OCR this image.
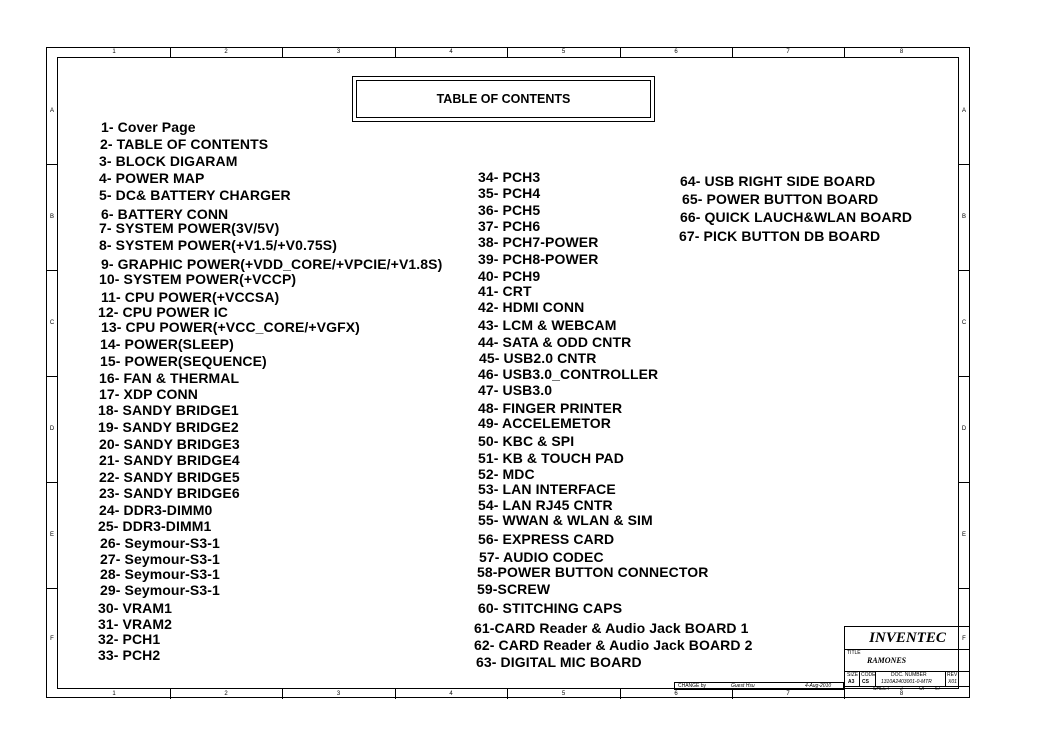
1
1
2
2
3
3
4
4
5
5
6
6
7
7
8
8
A	A
B	B
C	C
D	D
E	E
F	F
TABLE OF CONTENTS
1- Cover Page
2- TABLE OF CONTENTS
3- BLOCK DIGARAM
4- POWER MAP
5- DC& BATTERY CHARGER
6- BATTERY CONN
7- SYSTEM POWER(3V/5V)
8- SYSTEM POWER(+V1.5/+V0.75S)
9- GRAPHIC POWER(+VDD_CORE/+VPCIE/+V1.8S)
10- SYSTEM POWER(+VCCP)
11- CPU POWER(+VCCSA)
12- CPU POWER IC
13- CPU POWER(+VCC_CORE/+VGFX)
14- POWER(SLEEP)
15- POWER(SEQUENCE)
16- FAN & THERMAL
17- XDP CONN
18- SANDY BRIDGE1
19- SANDY BRIDGE2
20- SANDY BRIDGE3
21- SANDY BRIDGE4
22- SANDY BRIDGE5
23- SANDY BRIDGE6
24- DDR3-DIMM0
25- DDR3-DIMM1
26- Seymour-S3-1
27- Seymour-S3-1
28- Seymour-S3-1
29- Seymour-S3-1
30- VRAM1
31- VRAM2
32- PCH1
33- PCH2
34- PCH3
35- PCH4
36- PCH5
37- PCH6
38- PCH7-POWER
39- PCH8-POWER
40- PCH9
41- CRT
42- HDMI CONN
43- LCM & WEBCAM
44- SATA & ODD CNTR
45- USB2.0 CNTR
46- USB3.0_CONTROLLER
47- USB3.0
48- FINGER PRINTER
49- ACCELEMETOR
50- KBC & SPI
51- KB & TOUCH PAD
52- MDC
53- LAN INTERFACE
54- LAN RJ45 CNTR
55- WWAN & WLAN & SIM
56- EXPRESS CARD
57- AUDIO CODEC
58-POWER BUTTON CONNECTOR
59-SCREW
60- STITCHING CAPS
61-CARD Reader & Audio Jack BOARD 1
62- CARD Reader & Audio Jack BOARD 2
63- DIGITAL MIC BOARD
64- USB RIGHT SIDE BOARD
65- POWER BUTTON BOARD
66- QUICK LAUCH&WLAN BOARD
67- PICK BUTTON DB BOARD
CHANGE by	Guest Hsu	4-Aug-2010
INVENTEC
TITLE
RAMONES
SIZE CODE	DOC. NUMBER	REV
A3 CS 1310A2403001-0-MTR	X01
SHEET 2	OF 67
